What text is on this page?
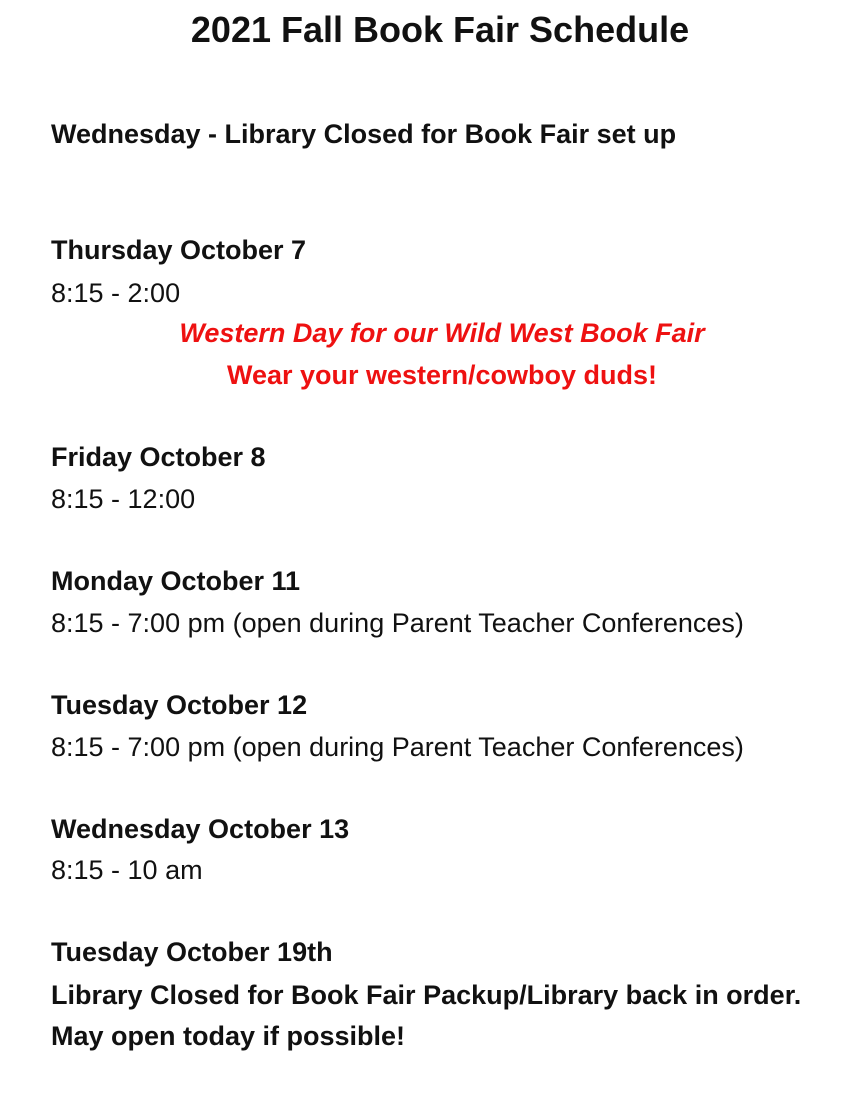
2021 Fall Book Fair Schedule
Wednesday - Library Closed for Book Fair set up
Thursday October 7
8:15 - 2:00
Western Day for our Wild West Book Fair
Wear your western/cowboy duds!
Friday October 8
8:15 - 12:00
Monday October 11
8:15 - 7:00 pm (open during Parent Teacher Conferences)
Tuesday October 12
8:15 - 7:00 pm (open during Parent Teacher Conferences)
Wednesday October 13
8:15 - 10 am
Tuesday October 19th
Library Closed for Book Fair Packup/Library back in order. May open today if possible!
